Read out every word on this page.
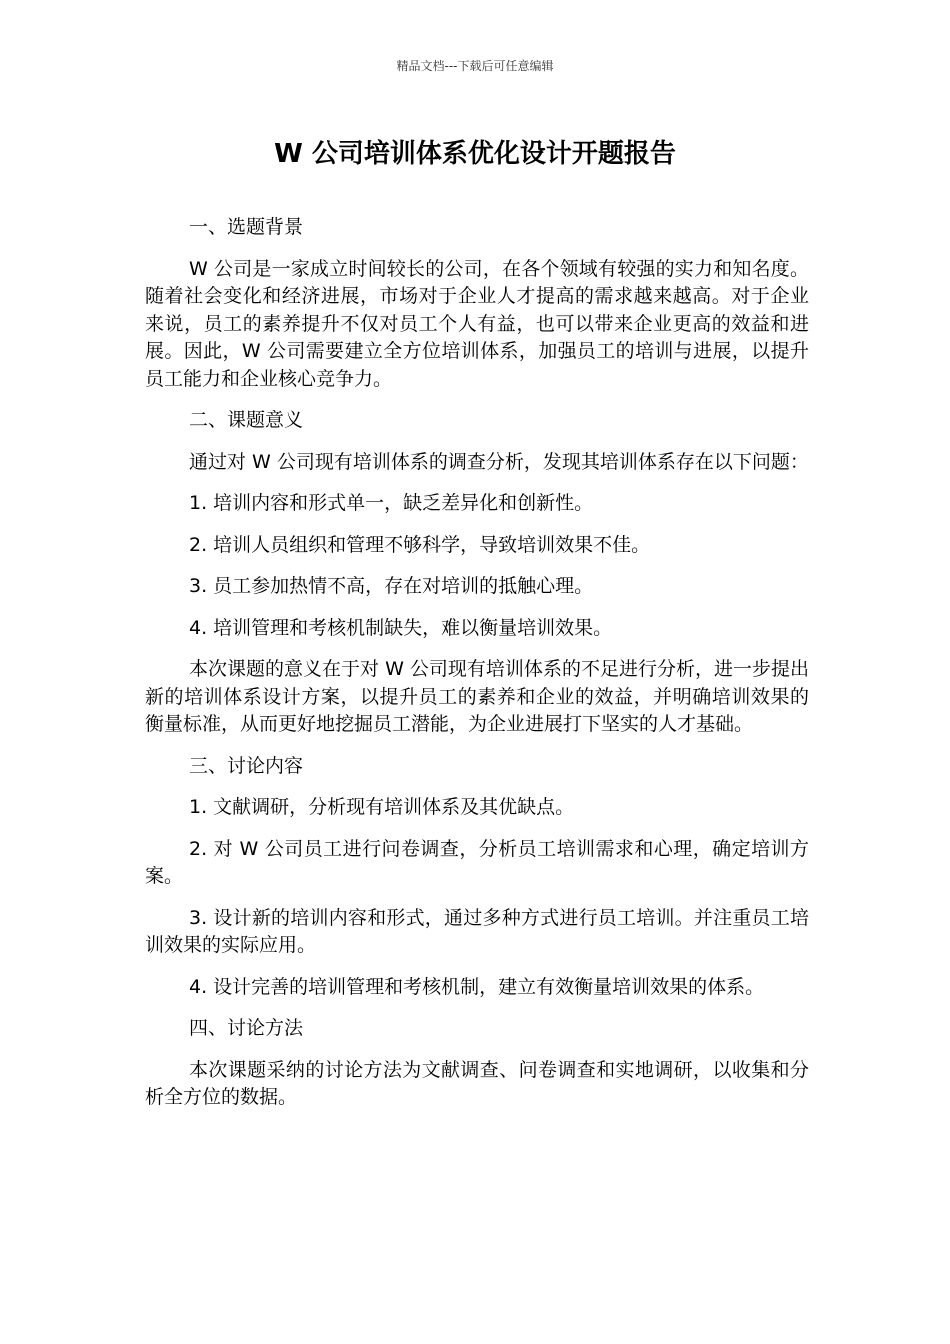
精品文档---下载后可任意编辑
W 公司培训体系优化设计开题报告

一、选题背景

W 公司是一家成立时间较长的公司，在各个领域有较强的实力和知名度。随着社会变化和经济进展，市场对于企业人才提高的需求越来越高。对于企业来说，员工的素养提升不仅对员工个人有益，也可以带来企业更高的效益和进展。因此，W 公司需要建立全方位培训体系，加强员工的培训与进展，以提升员工能力和企业核心竞争力。

二、课题意义

通过对 W 公司现有培训体系的调查分析，发现其培训体系存在以下问题：

1. 培训内容和形式单一，缺乏差异化和创新性。

2. 培训人员组织和管理不够科学，导致培训效果不佳。

3. 员工参加热情不高，存在对培训的抵触心理。

4. 培训管理和考核机制缺失，难以衡量培训效果。

本次课题的意义在于对 W 公司现有培训体系的不足进行分析，进一步提出新的培训体系设计方案，以提升员工的素养和企业的效益，并明确培训效果的衡量标准，从而更好地挖掘员工潜能，为企业进展打下坚实的人才基础。

三、讨论内容

1. 文献调研，分析现有培训体系及其优缺点。

2. 对 W 公司员工进行问卷调查，分析员工培训需求和心理，确定培训方案。

3. 设计新的培训内容和形式，通过多种方式进行员工培训。并注重员工培训效果的实际应用。

4. 设计完善的培训管理和考核机制，建立有效衡量培训效果的体系。

四、讨论方法

本次课题采纳的讨论方法为文献调查、问卷调查和实地调研，以收集和分析全方位的数据。
